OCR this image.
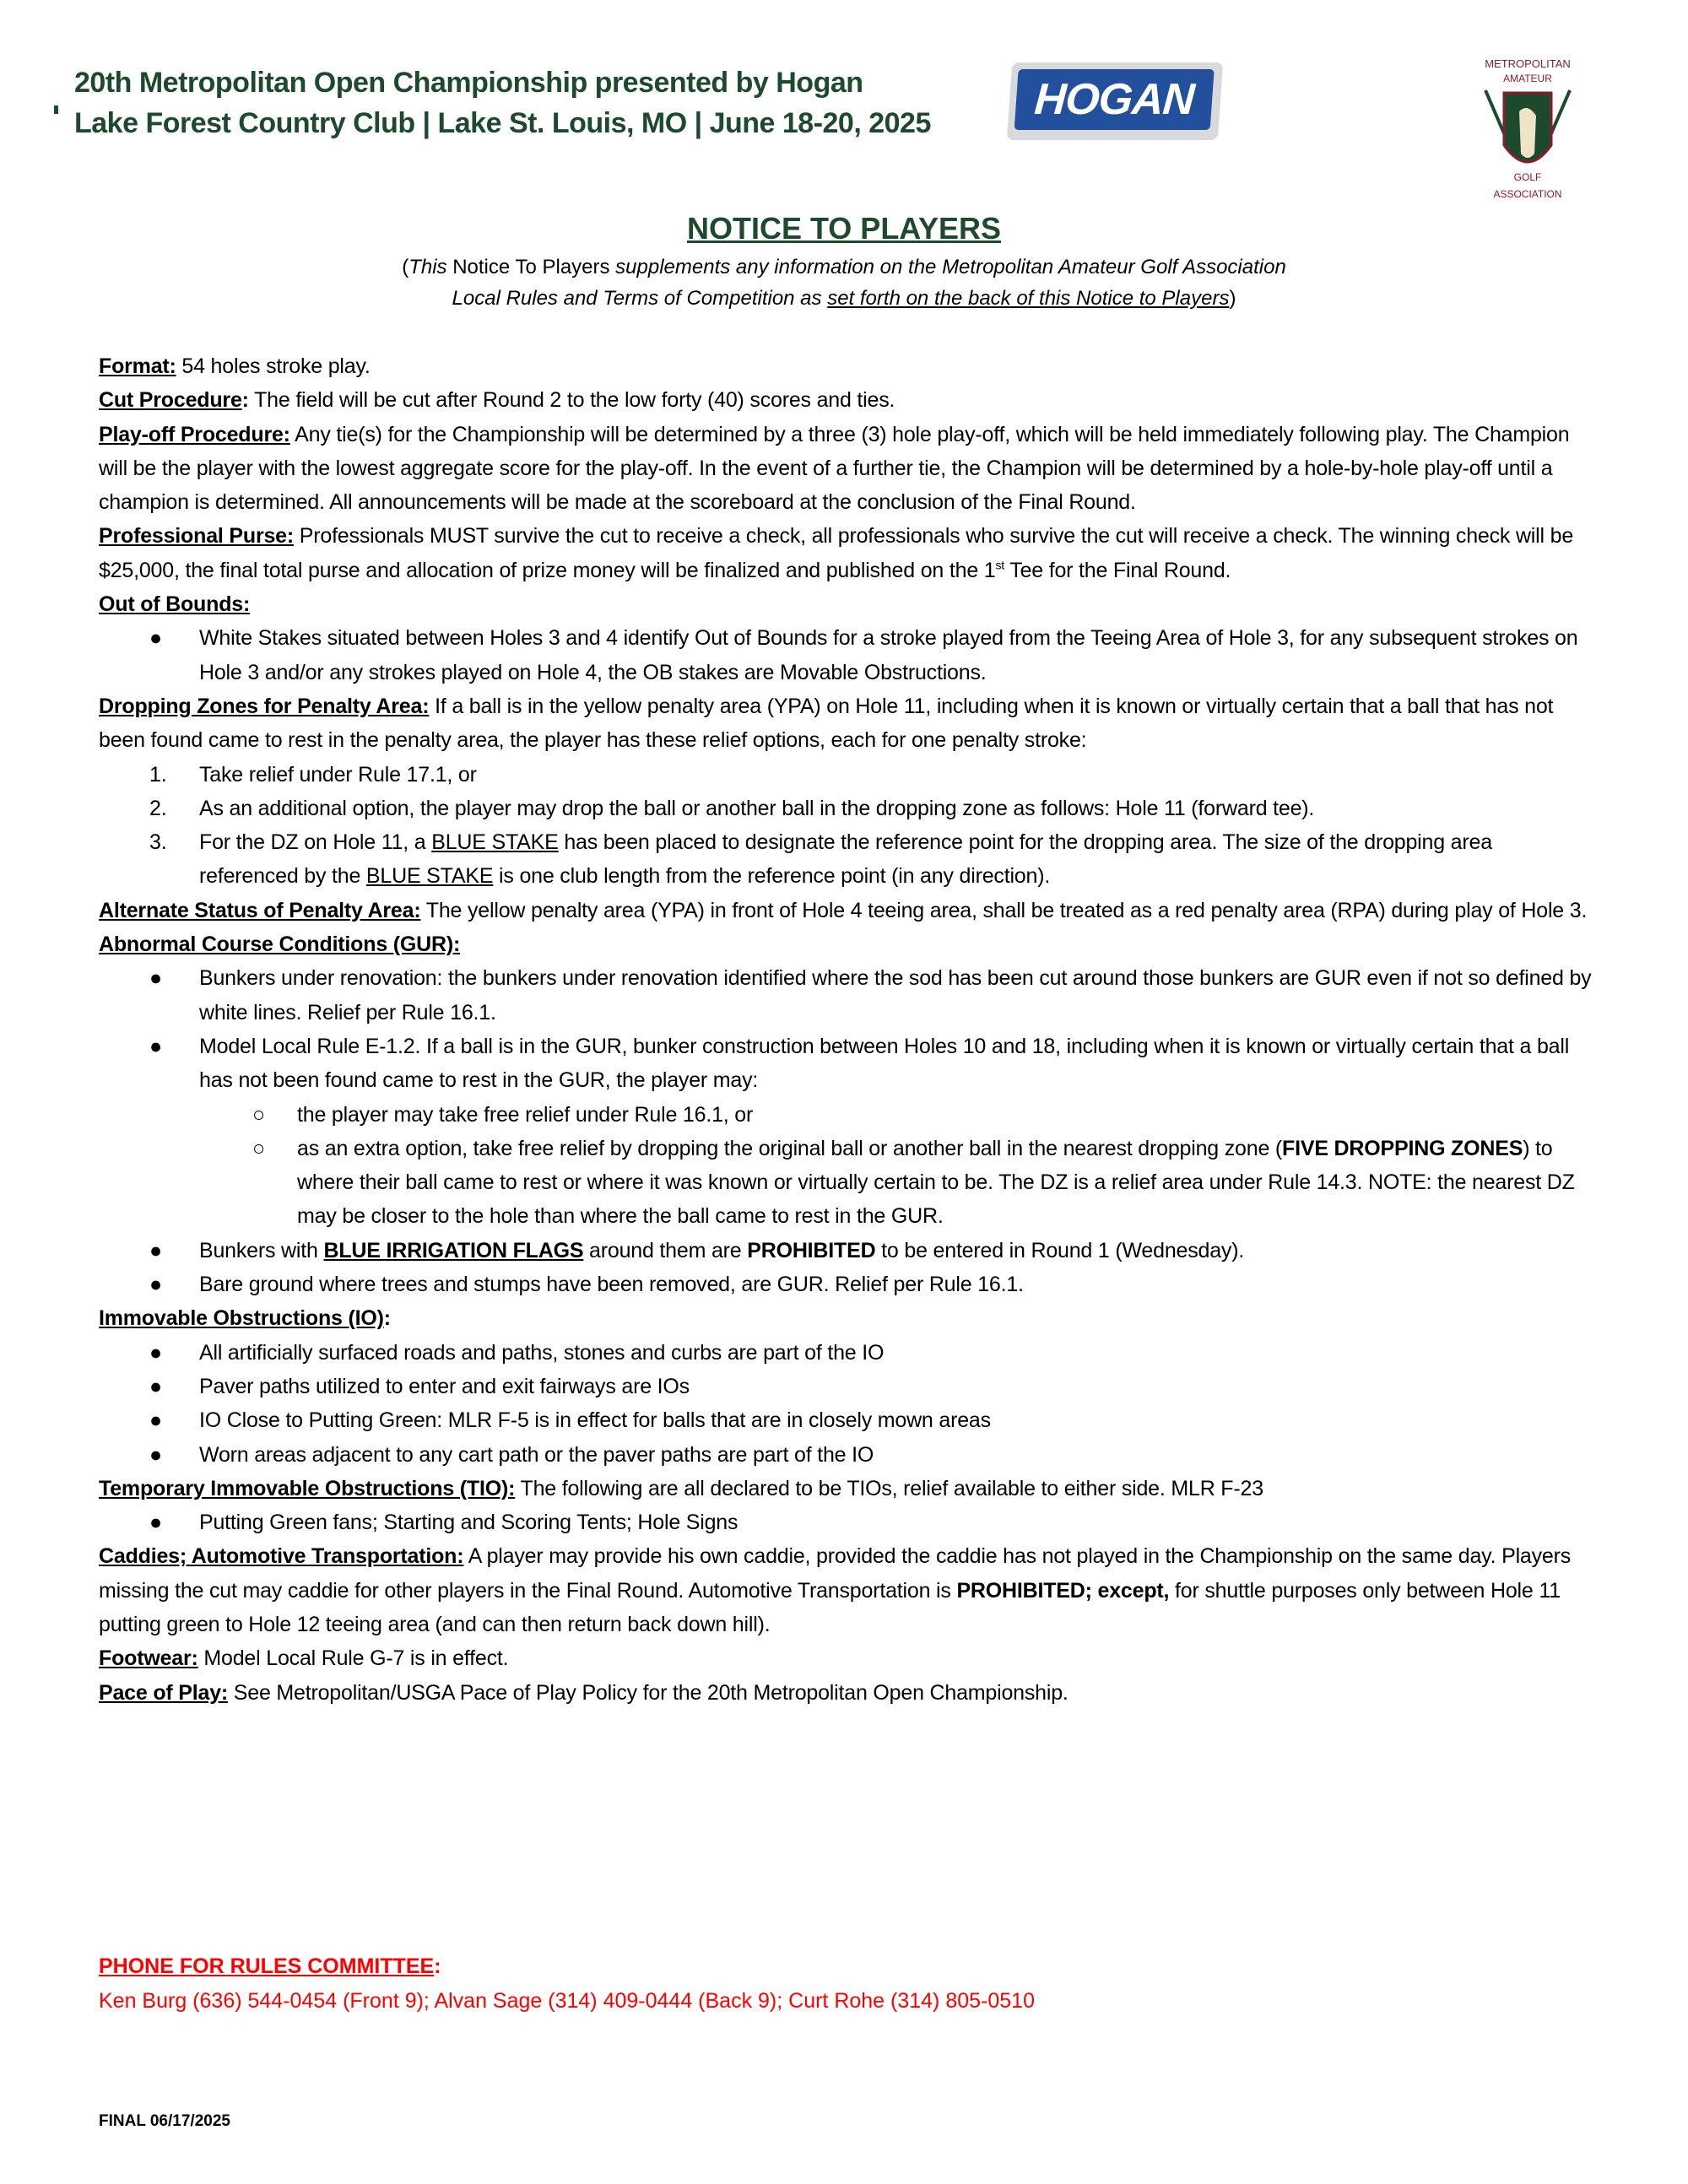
20th Metropolitan Open Championship presented by Hogan
Lake Forest Country Club | Lake St. Louis, MO | June 18-20, 2025	HOGAN
METROPOLITAN
AMATEUR
GOLF
ASSOCIATION
NOTICE TO PLAYERS
(This Notice To Players supplements any information on the Metropolitan Amateur Golf Association
Local Rules and Terms of Competition as set forth on the back of this Notice to Players)

Format: 54 holes stroke play.

Cut Procedure: The field will be cut after Round 2 to the low forty (40) scores and ties.

Play-off Procedure: Any tie(s) for the Championship will be determined by a three (3) hole play-off, which will be held immediately following play. The Champion will be the player with the lowest aggregate score for the play-off. In the event of a further tie, the Champion will be determined by a hole-by-hole play-off until a champion is determined. All announcements will be made at the scoreboard at the conclusion of the Final Round.

Professional Purse: Professionals MUST survive the cut to receive a check, all professionals who survive the cut will receive a check. The winning check will be $25,000, the final total purse and allocation of prize money will be finalized and published on the 1st Tee for the Final Round.

Out of Bounds:

● White Stakes situated between Holes 3 and 4 identify Out of Bounds for a stroke played from the Teeing Area of Hole 3, for any subsequent strokes on Hole 3 and/or any strokes played on Hole 4, the OB stakes are Movable Obstructions.

Dropping Zones for Penalty Area: If a ball is in the yellow penalty area (YPA) on Hole 11, including when it is known or virtually certain that a ball that has not been found came to rest in the penalty area, the player has these relief options, each for one penalty stroke:

1. Take relief under Rule 17.1, or
2. As an additional option, the player may drop the ball or another ball in the dropping zone as follows: Hole 11 (forward tee).
3. For the DZ on Hole 11, a BLUE STAKE has been placed to designate the reference point for the dropping area. The size of the dropping area referenced by the BLUE STAKE is one club length from the reference point (in any direction).

Alternate Status of Penalty Area: The yellow penalty area (YPA) in front of Hole 4 teeing area, shall be treated as a red penalty area (RPA) during play of Hole 3.

Abnormal Course Conditions (GUR):

● Bunkers under renovation: the bunkers under renovation identified where the sod has been cut around those bunkers are GUR even if not so defined by white lines. Relief per Rule 16.1.
● Model Local Rule E-1.2. If a ball is in the GUR, bunker construction between Holes 10 and 18, including when it is known or virtually certain that a ball has not been found came to rest in the GUR, the player may:
○ the player may take free relief under Rule 16.1, or
○ as an extra option, take free relief by dropping the original ball or another ball in the nearest dropping zone (FIVE DROPPING ZONES) to where their ball came to rest or where it was known or virtually certain to be. The DZ is a relief area under Rule 14.3. NOTE: the nearest DZ may be closer to the hole than where the ball came to rest in the GUR.
● Bunkers with BLUE IRRIGATION FLAGS around them are PROHIBITED to be entered in Round 1 (Wednesday).
● Bare ground where trees and stumps have been removed, are GUR. Relief per Rule 16.1.

Immovable Obstructions (IO):

● All artificially surfaced roads and paths, stones and curbs are part of the IO
● Paver paths utilized to enter and exit fairways are IOs
● IO Close to Putting Green: MLR F-5 is in effect for balls that are in closely mown areas
● Worn areas adjacent to any cart path or the paver paths are part of the IO

Temporary Immovable Obstructions (TIO): The following are all declared to be TIOs, relief available to either side. MLR F-23

● Putting Green fans; Starting and Scoring Tents; Hole Signs

Caddies; Automotive Transportation: A player may provide his own caddie, provided the caddie has not played in the Championship on the same day. Players missing the cut may caddie for other players in the Final Round. Automotive Transportation is PROHIBITED; except, for shuttle purposes only between Hole 11 putting green to Hole 12 teeing area (and can then return back down hill).

Footwear: Model Local Rule G-7 is in effect.

Pace of Play: See Metropolitan/USGA Pace of Play Policy for the 20th Metropolitan Open Championship.

PHONE FOR RULES COMMITTEE:
Ken Burg (636) 544-0454 (Front 9); Alvan Sage (314) 409-0444 (Back 9); Curt Rohe (314) 805-0510
FINAL 06/17/2025
